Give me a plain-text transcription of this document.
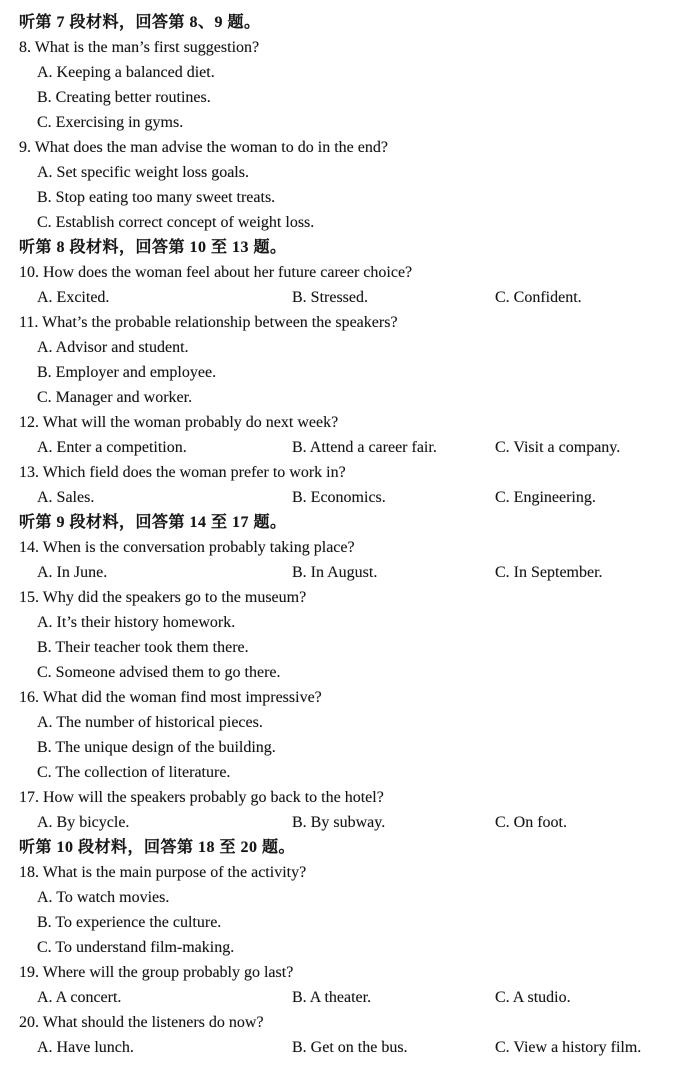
听第 7 段材料，回答第 8、9 题。
8. What is the man’s first suggestion?
A. Keeping a balanced diet.
B. Creating better routines.
C. Exercising in gyms.
9. What does the man advise the woman to do in the end?
A. Set specific weight loss goals.
B. Stop eating too many sweet treats.
C. Establish correct concept of weight loss.
听第 8 段材料，回答第 10 至 13 题。
10. How does the woman feel about her future career choice?
A. Excited.	B. Stressed.	C. Confident.
11. What’s the probable relationship between the speakers?
A. Advisor and student.
B. Employer and employee.
C. Manager and worker.
12. What will the woman probably do next week?
A. Enter a competition.	B. Attend a career fair.	C. Visit a company.
13. Which field does the woman prefer to work in?
A. Sales.	B. Economics.	C. Engineering.
听第 9 段材料，回答第 14 至 17 题。
14. When is the conversation probably taking place?
A. In June.	B. In August.	C. In September.
15. Why did the speakers go to the museum?
A. It’s their history homework.
B. Their teacher took them there.
C. Someone advised them to go there.
16. What did the woman find most impressive?
A. The number of historical pieces.
B. The unique design of the building.
C. The collection of literature.
17. How will the speakers probably go back to the hotel?
A. By bicycle.	B. By subway.	C. On foot.
听第 10 段材料，回答第 18 至 20 题。
18. What is the main purpose of the activity?
A. To watch movies.
B. To experience the culture.
C. To understand film-making.
19. Where will the group probably go last?
A. A concert.	B. A theater.	C. A studio.
20. What should the listeners do now?
A. Have lunch.	B. Get on the bus.	C. View a history film.
